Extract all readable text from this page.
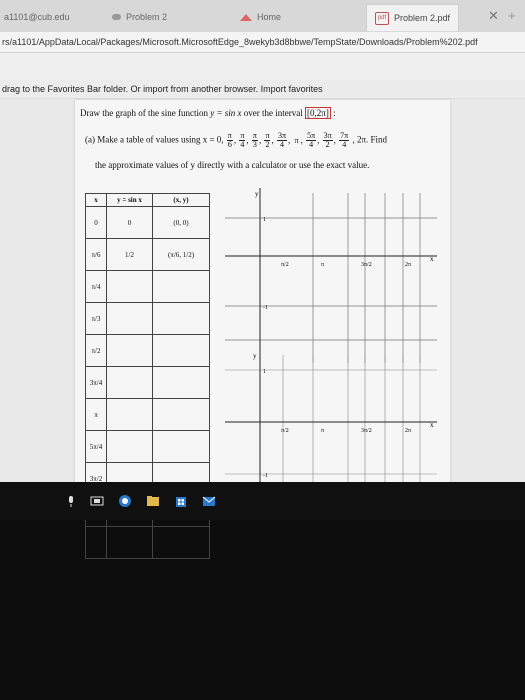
a1101@cub.edu	Problem 2	Home	pdf Problem 2.pdf	✕ +
rs/a1101/AppData/Local/Packages/Microsoft.MicrosoftEdge_8wekyb3d8bbwe/TempState/Downloads/Problem%202.pdf
drag to the Favorites Bar folder. Or import from another browser. Import favorites
Draw the graph of the sine function y = sin x over the interval [0,2π] :
(a) Make a table of values using x = 0, $\frac{\pi}{6}$ , $\frac{\pi}{4}$ , $\frac{\pi}{3}$ , $\frac{\pi}{2}$ , $\frac{3\pi}{4}$ , π , $\frac{5\pi}{4}$ , $\frac{3\pi}{2}$ , $\frac{7\pi}{4}$ , 2π. Find
the approximate values of y directly with a calculator or use the exact value.
x	y = sin x	(x, y)
0	0	(0, 0)
π/6	1/2	(π/6, 1/2)
π/4		
π/3		
π/2		
3π/4		
π		
5π/4		
3π/2		

2π		
y
x
1
-1
π/2	π	3π/2	2π
y
x
1
-1
π/2	π	3π/2	2π
